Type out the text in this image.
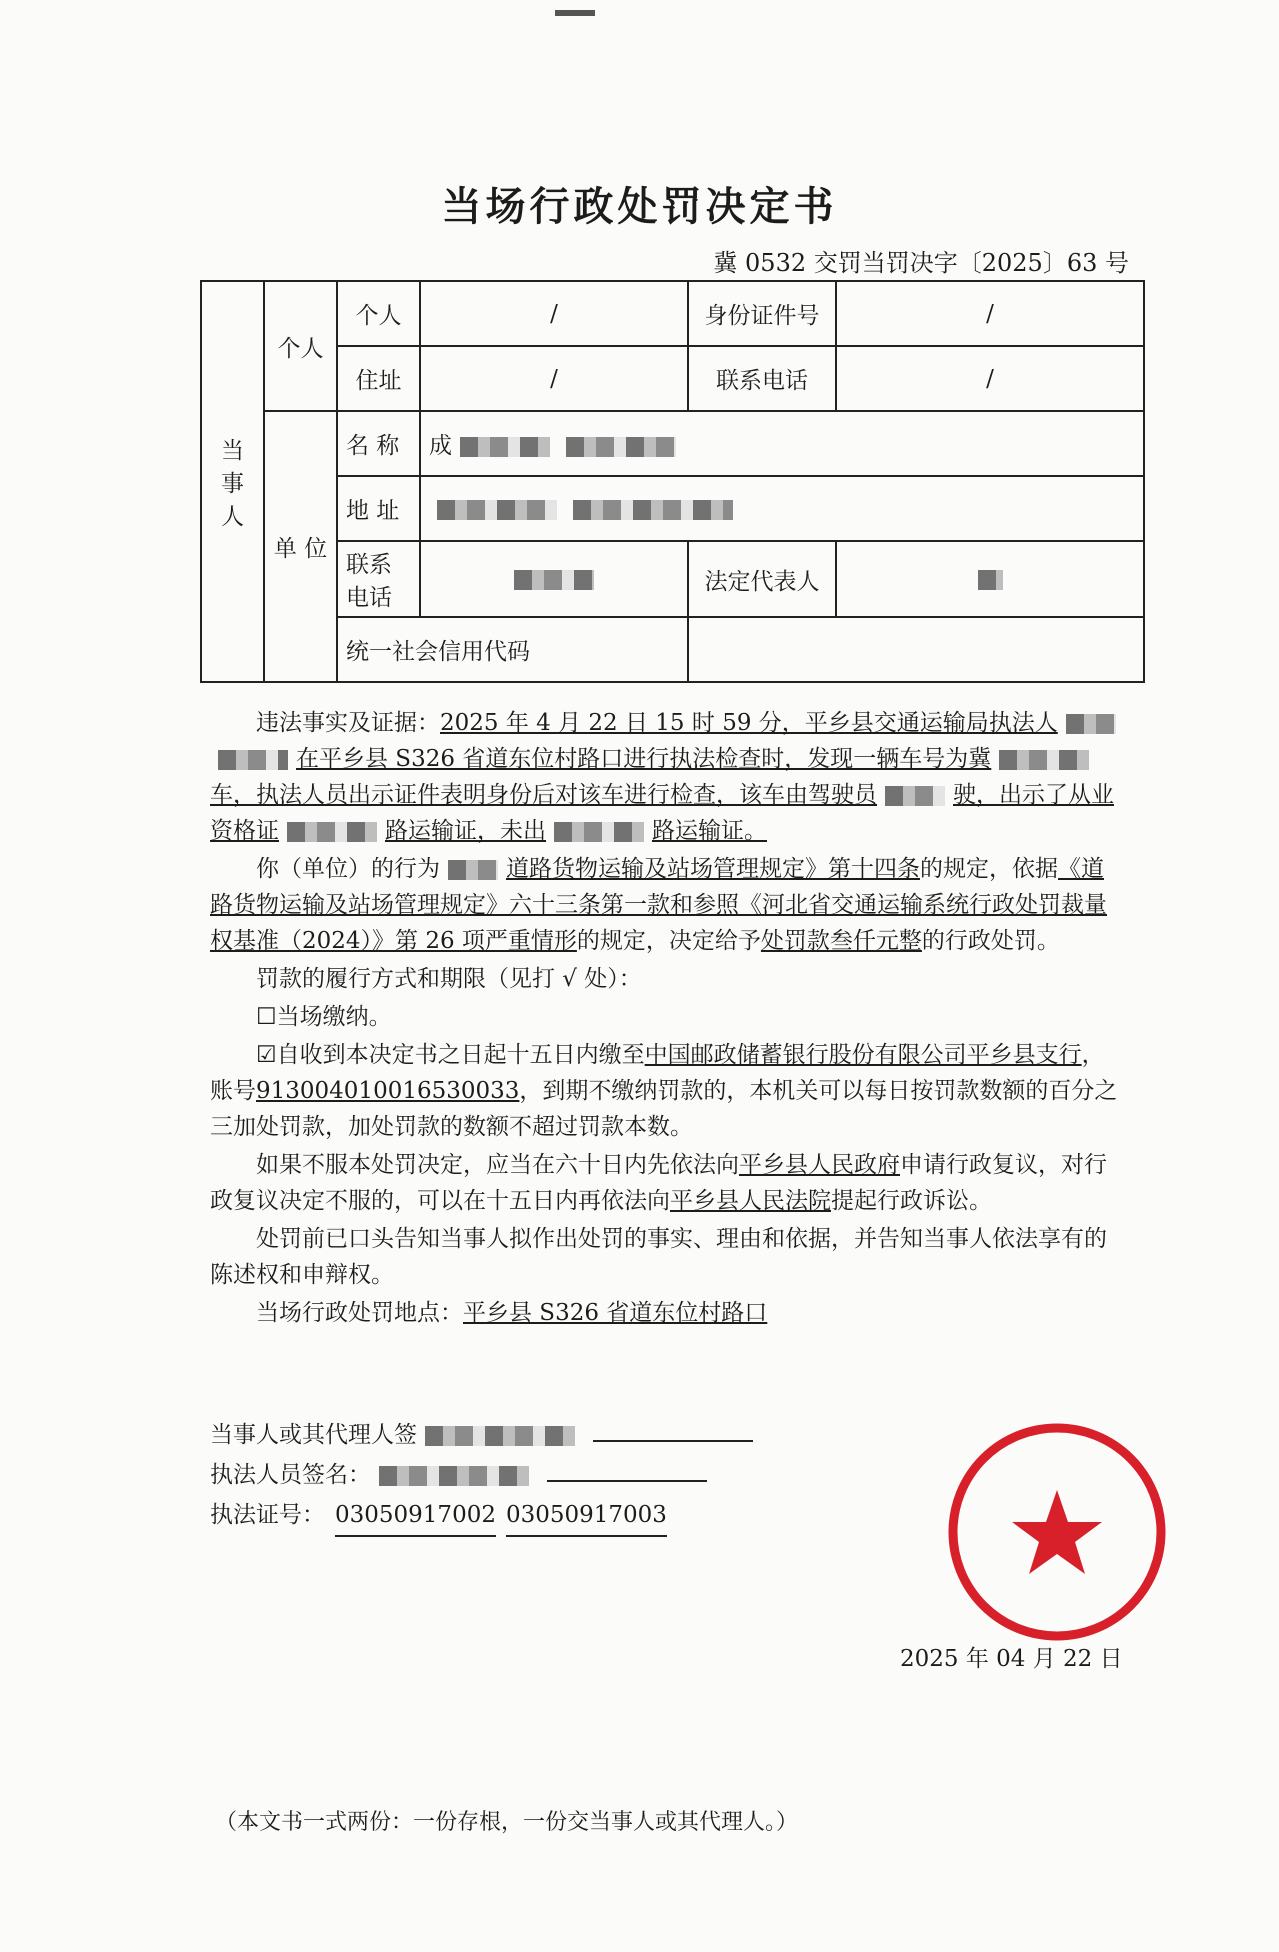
当场行政处罚决定书
冀 0532 交罚当罚决字〔2025〕63 号
当事人	个人	个人	/	身份证件号	/
		住址	/	联系电话	/
	单 位	名 称	成		
		地 址			
		联系 电话		法定代表人	
		统一社会信用代码			

违法事实及证据：2025 年 4 月 22 日 15 时 59 分，平乡县交通运输局执法人在平乡县 S326 省道东位村路口进行执法检查时，发现一辆车号为冀车，执法人员出示证件表明身份后对该车进行检查，该车由驾驶员	驶，出示了从业资格证	路运输证，未出	路运输证。

你（单位）的行为	道路货物运输及站场管理规定》第十四条的规定，依据《道路货物运输及站场管理规定》六十三条第一款和参照《河北省交通运输系统行政处罚裁量权基准（2024）》第 26 项严重情形的规定，决定给予处罚款叁仟元整的行政处罚。

罚款的履行方式和期限（见打 √ 处）：

☐当场缴纳。

☑自收到本决定书之日起十五日内缴至中国邮政储蓄银行股份有限公司平乡县支行，账号913004010016530033，到期不缴纳罚款的，本机关可以每日按罚款数额的百分之三加处罚款，加处罚款的数额不超过罚款本数。

如果不服本处罚决定，应当在六十日内先依法向平乡县人民政府申请行政复议，对行政复议决定不服的，可以在十五日内再依法向平乡县人民法院提起行政诉讼。

处罚前已口头告知当事人拟作出处罚的事实、理由和依据，并告知当事人依法享有的陈述权和申辩权。

当场行政处罚地点：平乡县 S326 省道东位村路口

当事人或其代理人签
执法人员签名：
执法证号： 03050917002 03050917003
2025 年 04 月 22 日
（本文书一式两份：一份存根，一份交当事人或其代理人。）
